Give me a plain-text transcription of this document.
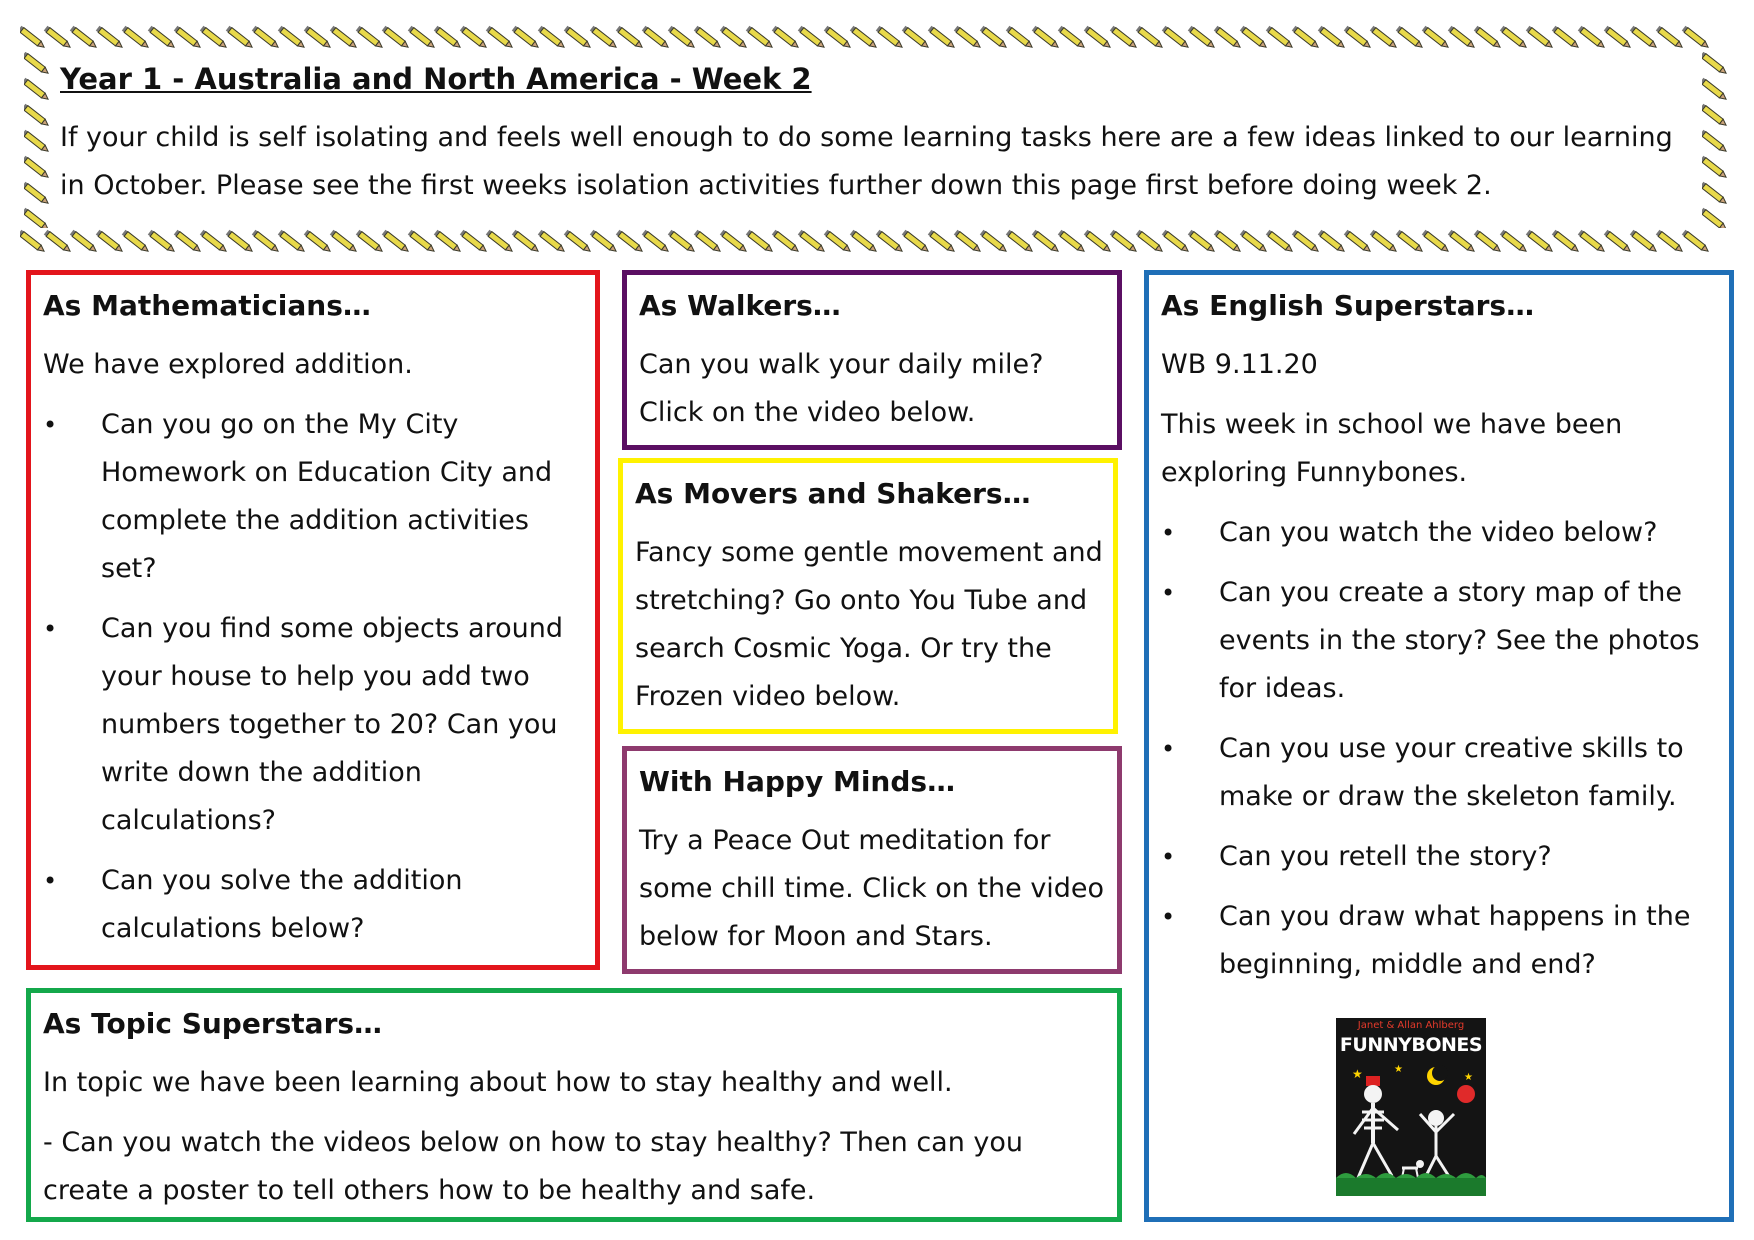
Year 1 - Australia and North America - Week 2

If your child is self isolating and feels well enough to do some learning tasks here are a few ideas linked to our learning in October. Please see the first weeks isolation activities further down this page first before doing week 2.

As Mathematicians…

We have explored addition.

• Can you go on the My City Homework on Education City and complete the addition activities set?
• Can you find some objects around your house to help you add two numbers together to 20? Can you write down the addition calculations?
• Can you solve the addition calculations below?
As Walkers…

Can you walk your daily mile?

Click on the video below.

As Movers and Shakers…

Fancy some gentle movement and stretching? Go onto You Tube and search Cosmic Yoga. Or try the Frozen video below.

With Happy Minds…

Try a Peace Out meditation for some chill time. Click on the video below for Moon and Stars.

As Topic Superstars…

In topic we have been learning about how to stay healthy and well.

- Can you watch the videos below on how to stay healthy? Then can you create a poster to tell others how to be healthy and safe.

As English Superstars…

WB 9.11.20

This week in school we have been exploring Funnybones.

• Can you watch the video below?
• Can you create a story map of the events in the story? See the photos for ideas.
• Can you use your creative skills to make or draw the skeleton family.
• Can you retell the story?
• Can you draw what happens in the beginning, middle and end?
Janet & Allan Ahlberg
FUNNYBONES
★	★
★
